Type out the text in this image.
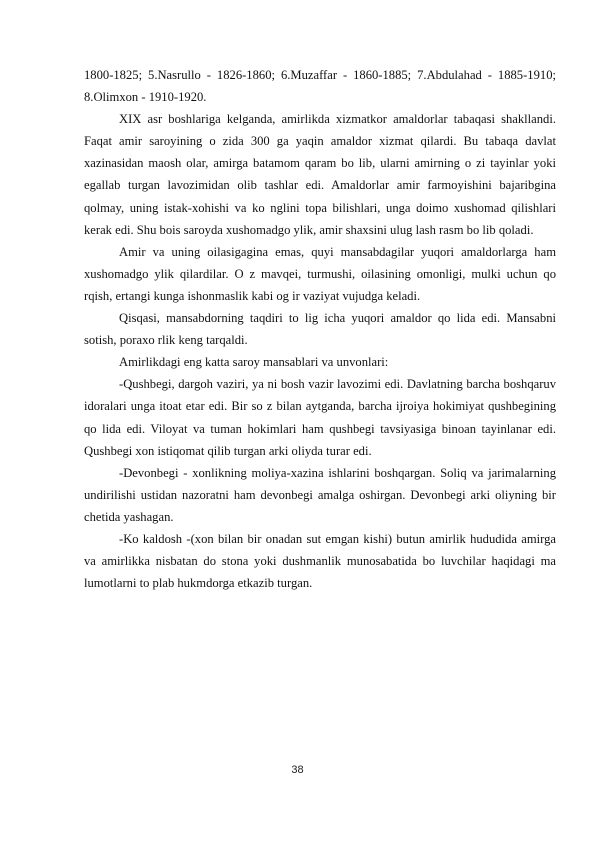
1800-1825; 5.Nasrullo - 1826-1860; 6.Muzaffar - 1860-1885; 7.Abdulahad - 1885-1910; 8.Olimxon - 1910-1920.

XIX asr boshlariga kelganda, amirlikda xizmatkor amaldorlar tabaqasi shakllandi. Faqat amir saroyining o zida 300 ga yaqin amaldor xizmat qilardi. Bu tabaqa davlat xazinasidan maosh olar, amirga batamom qaram bo lib, ularni amirning o zi tayinlar yoki egallab turgan lavozimidan olib tashlar edi. Amaldorlar amir farmoyishini bajaribgina qolmay, uning istak-xohishi va ko nglini topa bilishlari, unga doimo xushomad qilishlari kerak edi. Shu bois saroyda xushomadgo ylik, amir shaxsini ulug lash rasm bo lib qoladi.

Amir va uning oilasigagina emas, quyi mansabdagilar yuqori amaldorlarga ham xushomadgo ylik qilardilar. O z mavqei, turmushi, oilasining omonligi, mulki uchun qo rqish, ertangi kunga ishonmaslik kabi og ir vaziyat vujudga keladi.

Qisqasi, mansabdorning taqdiri to lig icha yuqori amaldor qo lida edi. Mansabni sotish, poraxo rlik keng tarqaldi.

Amirlikdagi eng katta saroy mansablari va unvonlari:

-Qushbegi, dargoh vaziri, ya ni bosh vazir lavozimi edi. Davlatning barcha boshqaruv idoralari unga itoat etar edi. Bir so z bilan aytganda, barcha ijroiya hokimiyat qushbegining qo lida edi. Viloyat va tuman hokimlari ham qushbegi tavsiyasiga binoan tayinlanar edi. Qushbegi xon istiqomat qilib turgan arki oliyda turar edi.

-Devonbegi - xonlikning moliya-xazina ishlarini boshqargan. Soliq va jarimalarning undirilishi ustidan nazoratni ham devonbegi amalga oshirgan. Devonbegi arki oliyning bir chetida yashagan.

-Ko kaldosh -(xon bilan bir onadan sut emgan kishi) butun amirlik hududida amirga va amirlikka nisbatan do stona yoki dushmanlik munosabatida bo luvchilar haqidagi ma lumotlarni to plab hukmdorga etkazib turgan.

38
